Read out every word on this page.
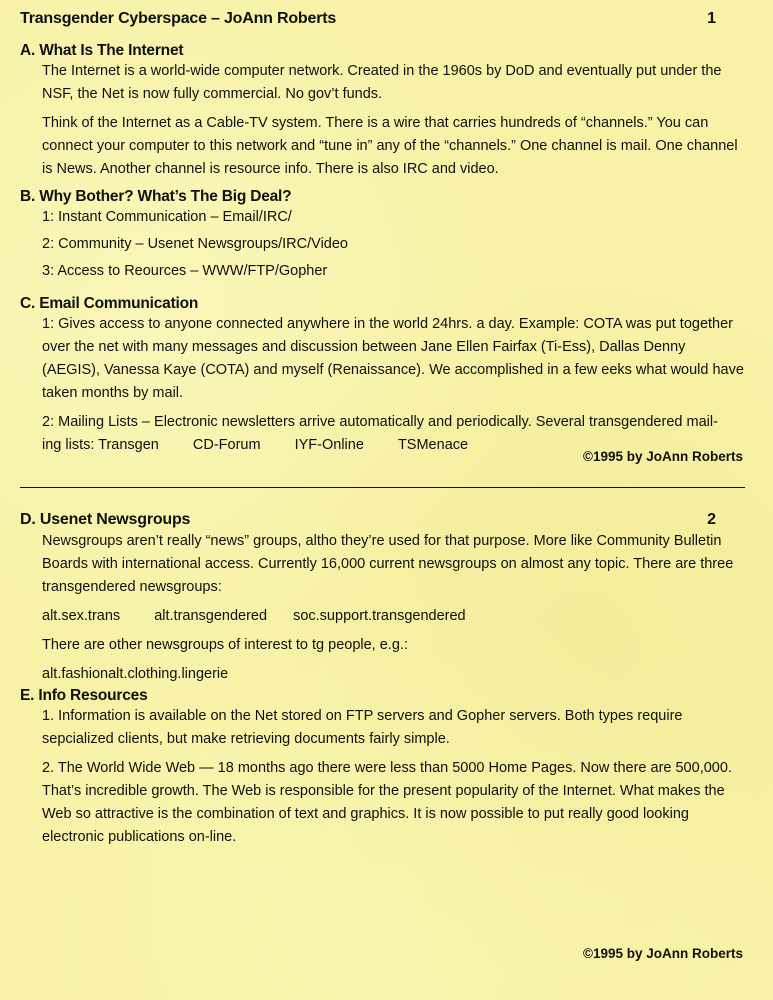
Transgender Cyberspace – JoAnn Roberts	1
A. What Is The Internet

The Internet is a world-wide computer network. Created in the 1960s by DoD and eventually put under the NSF, the Net is now fully commercial. No gov’t funds.

Think of the Internet as a Cable-TV system. There is a wire that carries hundreds of “channels.” You can connect your computer to this network and “tune in” any of the “channels.” One channel is mail. One channel is News. Another channel is resource info. There is also IRC and video.

B. Why Bother? What’s The Big Deal?

1: Instant Communication – Email/IRC/

2: Community – Usenet Newsgroups/IRC/Video

3: Access to Reources – WWW/FTP/Gopher

C. Email Communication

1: Gives access to anyone connected anywhere in the world 24hrs. a day. Example: COTA was put together over the net with many messages and discussion between Jane Ellen Fairfax (Ti-Ess), Dallas Denny (AEGIS), Vanessa Kaye (COTA) and myself (Renaissance). We accomplished in a few eeks what would have taken months by mail.

2: Mailing Lists – Electronic newsletters arrive automatically and periodically. Several transgendered mail-

ing lists: Transgen CD-Forum IYF-Online TSMenace

©1995 by JoAnn Roberts
D. Usenet Newsgroups	2

Newsgroups aren’t really “news” groups, altho they’re used for that purpose. More like Community Bulletin Boards with international access. Currently 16,000 current newsgroups on almost any topic. There are three transgendered newsgroups:

alt.sex.trans alt.transgendered soc.support.transgendered

There are other newsgroups of interest to tg people, e.g.:

alt.fashionalt.clothing.lingerie

E. Info Resources

1. Information is available on the Net stored on FTP servers and Gopher servers. Both types require sepcialized clients, but make retrieving documents fairly simple.

2. The World Wide Web — 18 months ago there were less than 5000 Home Pages. Now there are 500,000. That’s incredible growth. The Web is responsible for the present popularity of the Internet. What makes the Web so attractive is the combination of text and graphics. It is now possible to put really good looking electronic publications on-line.

©1995 by JoAnn Roberts
